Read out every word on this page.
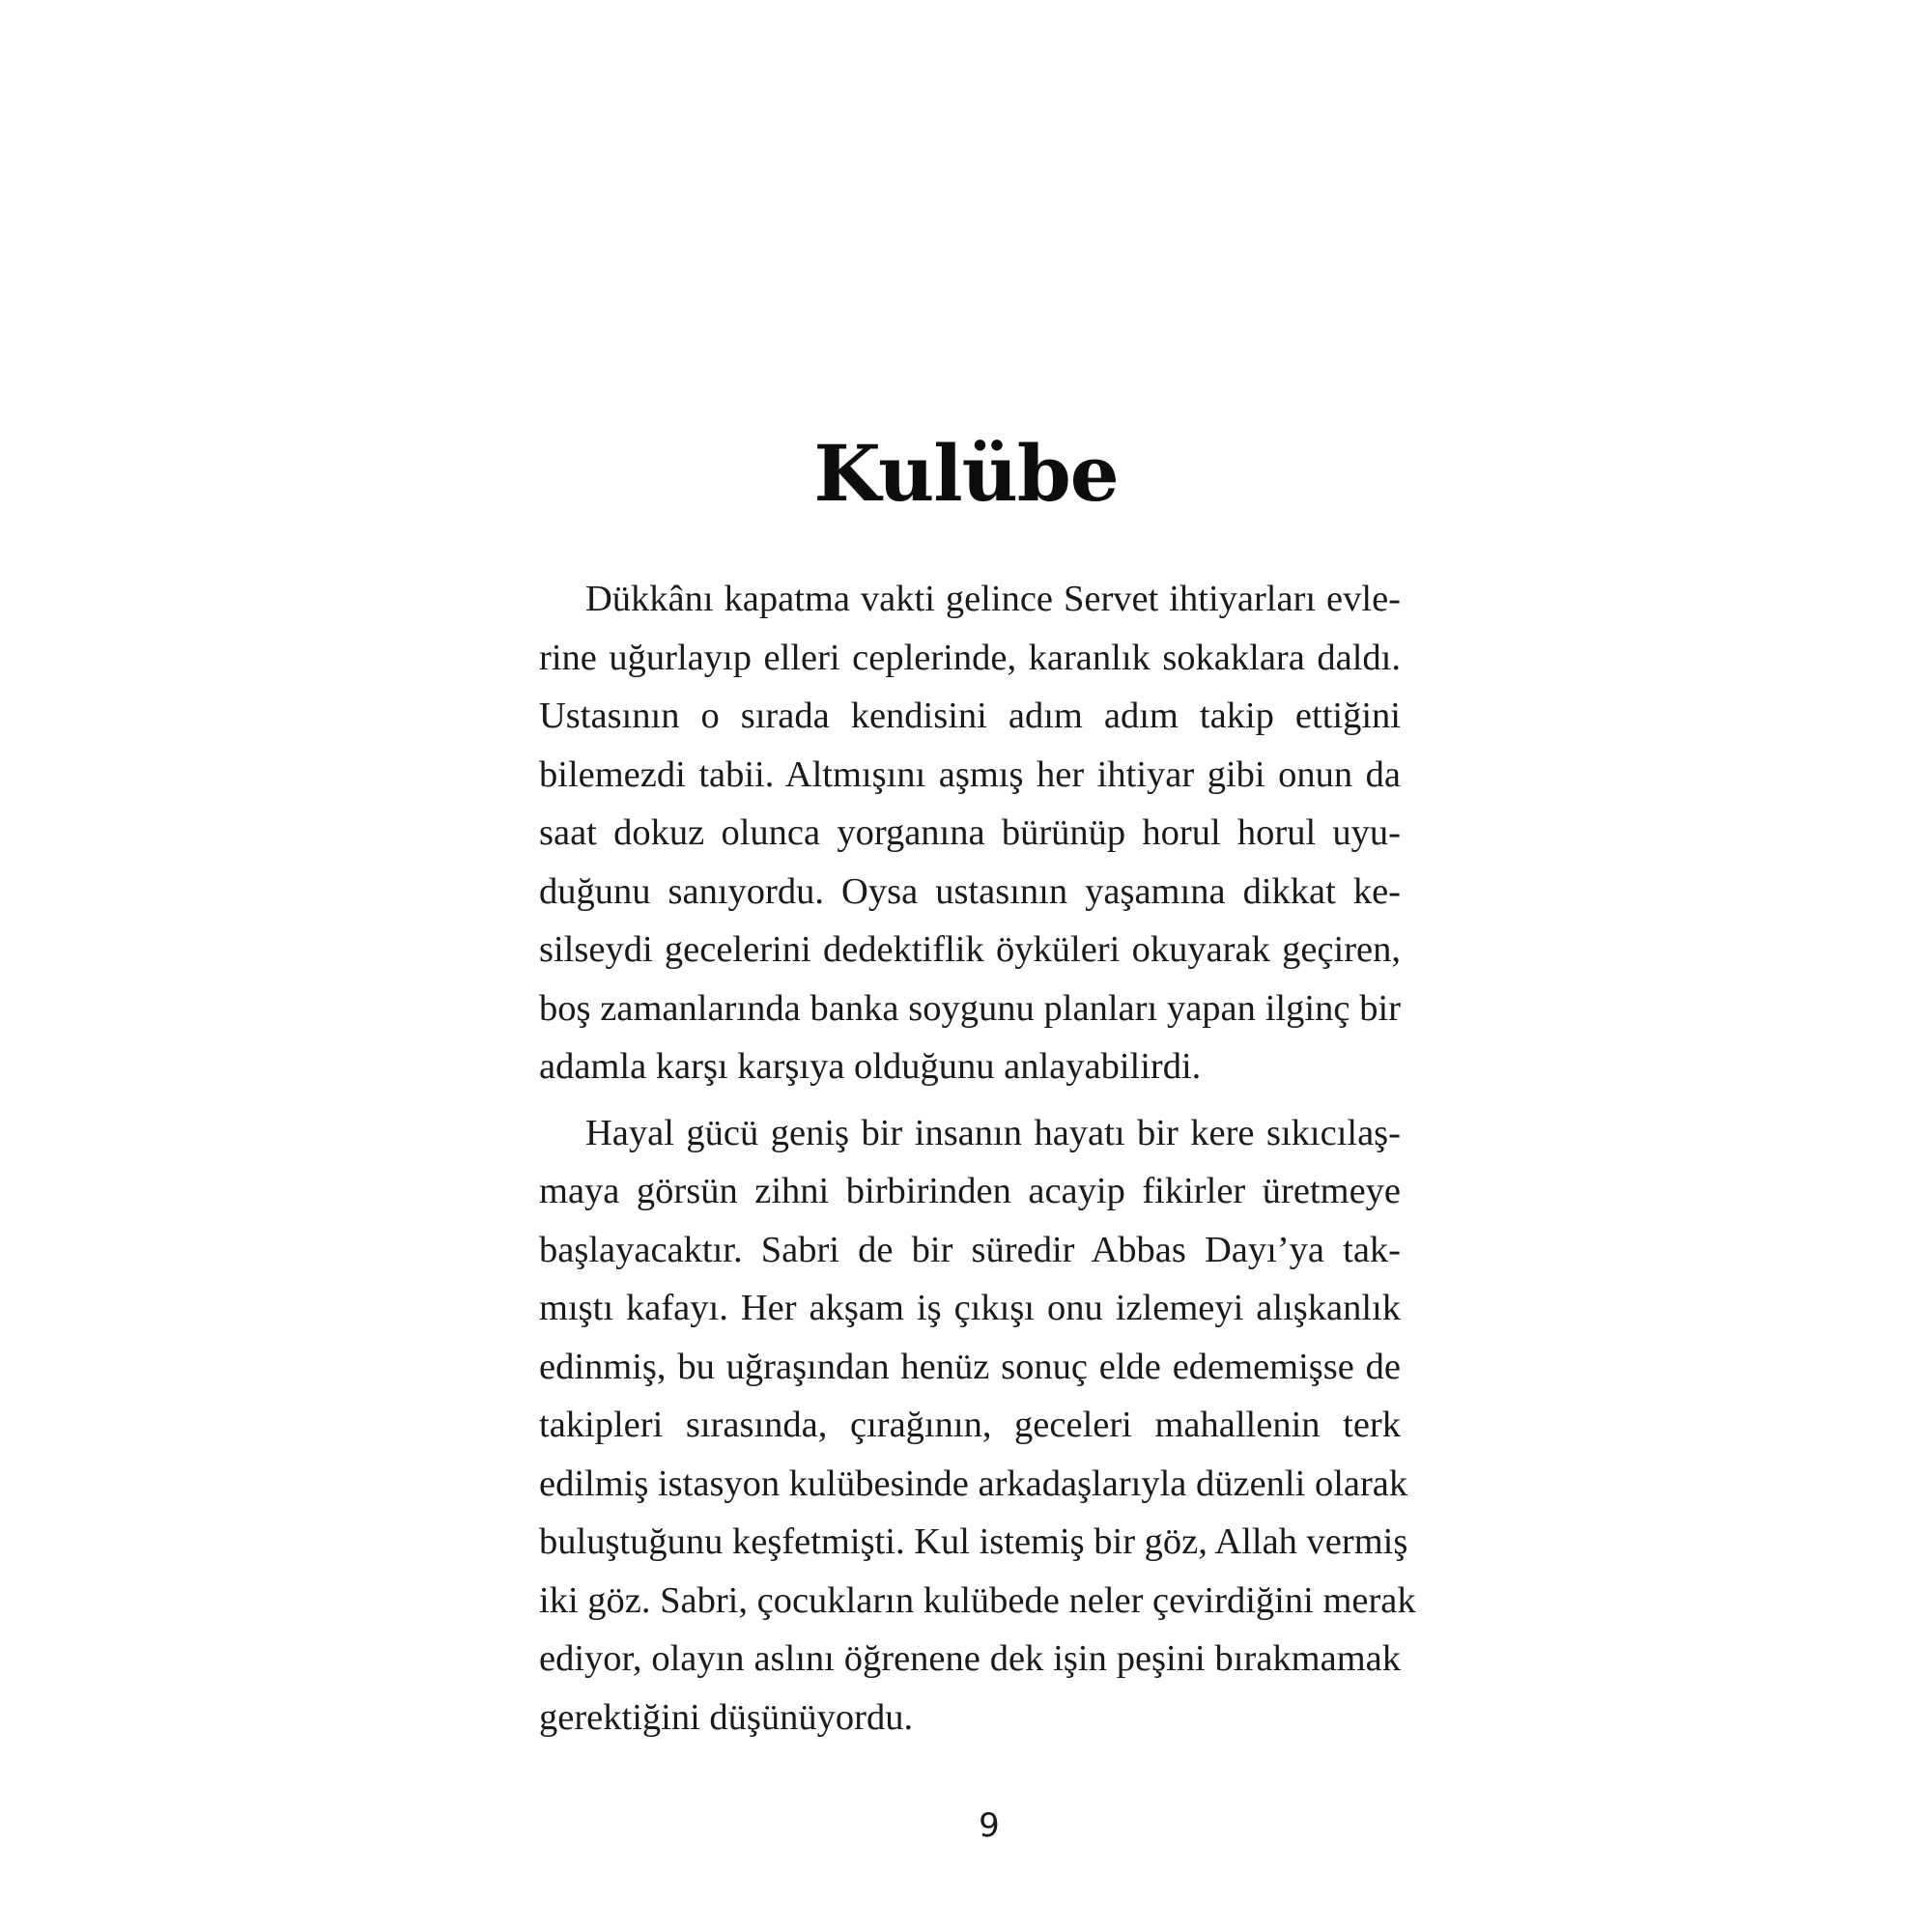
Kulübe

Dükkânı kapatma vakti gelince Servet ihtiyarları evle-
rine uğurlayıp elleri ceplerinde, karanlık sokaklara daldı.
Ustasının o sırada kendisini adım adım takip ettiğini
bilemezdi tabii. Altmışını aşmış her ihtiyar gibi onun da
saat dokuz olunca yorganına bürünüp horul horul uyu-
duğunu sanıyordu. Oysa ustasının yaşamına dikkat ke-
silseydi gecelerini dedektiflik öyküleri okuyarak geçiren,
boş zamanlarında banka soygunu planları yapan ilginç bir
adamla karşı karşıya olduğunu anlayabilirdi.

Hayal gücü geniş bir insanın hayatı bir kere sıkıcılaş-
maya görsün zihni birbirinden acayip fikirler üretmeye
başlayacaktır. Sabri de bir süredir Abbas Dayı’ya tak-
mıştı kafayı. Her akşam iş çıkışı onu izlemeyi alışkanlık
edinmiş, bu uğraşından henüz sonuç elde edememişse de
takipleri sırasında, çırağının, geceleri mahallenin terk
edilmiş istasyon kulübesinde arkadaşlarıyla düzenli olarak
buluştuğunu keşfetmişti. Kul istemiş bir göz, Allah vermiş
iki göz. Sabri, çocukların kulübede neler çevirdiğini merak
ediyor, olayın aslını öğrenene dek işin peşini bırakmamak
gerektiğini düşünüyordu.

9
